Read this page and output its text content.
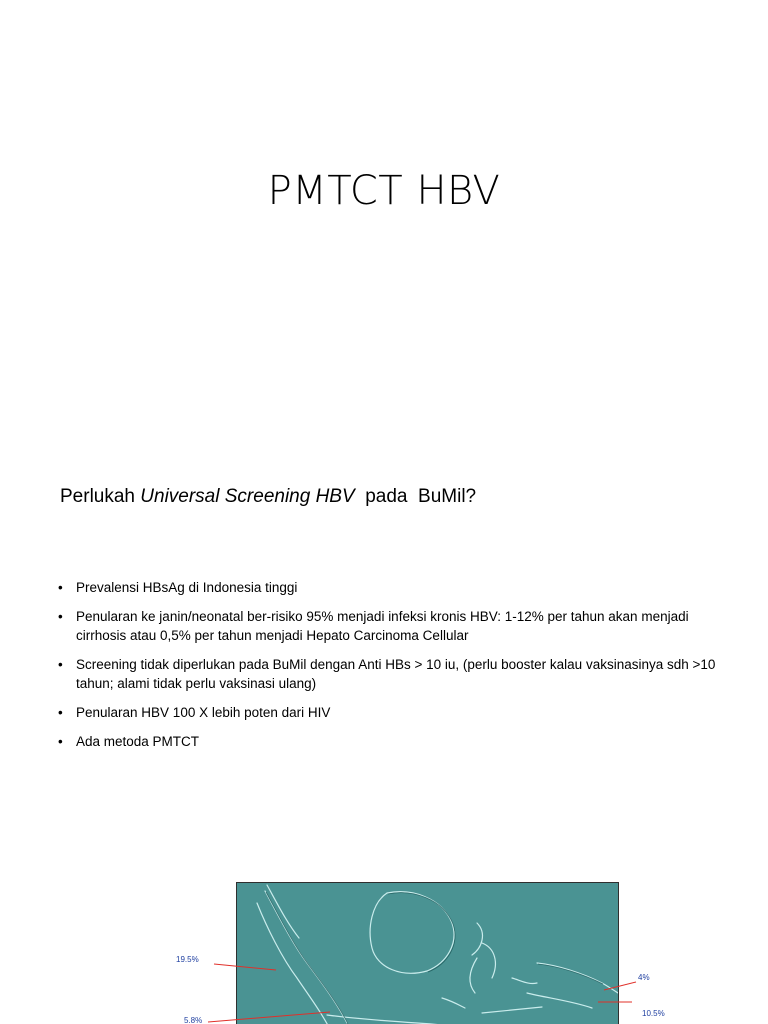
PMTCT HBV

Perlukah Universal Screening HBV  pada  BuMil?

• Prevalensi HBsAg di Indonesia tinggi
• Penularan ke janin/neonatal ber-risiko 95% menjadi infeksi kronis HBV: 1-12% per tahun akan menjadi cirrhosis atau 0,5% per tahun menjadi Hepato Carcinoma Cellular
• Screening tidak diperlukan pada BuMil dengan Anti HBs > 10 iu, (perlu booster kalau vaksinasinya sdh >10 tahun; alami tidak perlu vaksinasi ulang)
• Penularan HBV 100 X lebih poten dari HIV
• Ada metoda PMTCT
19.5%
5.8%
4%
10.5%
